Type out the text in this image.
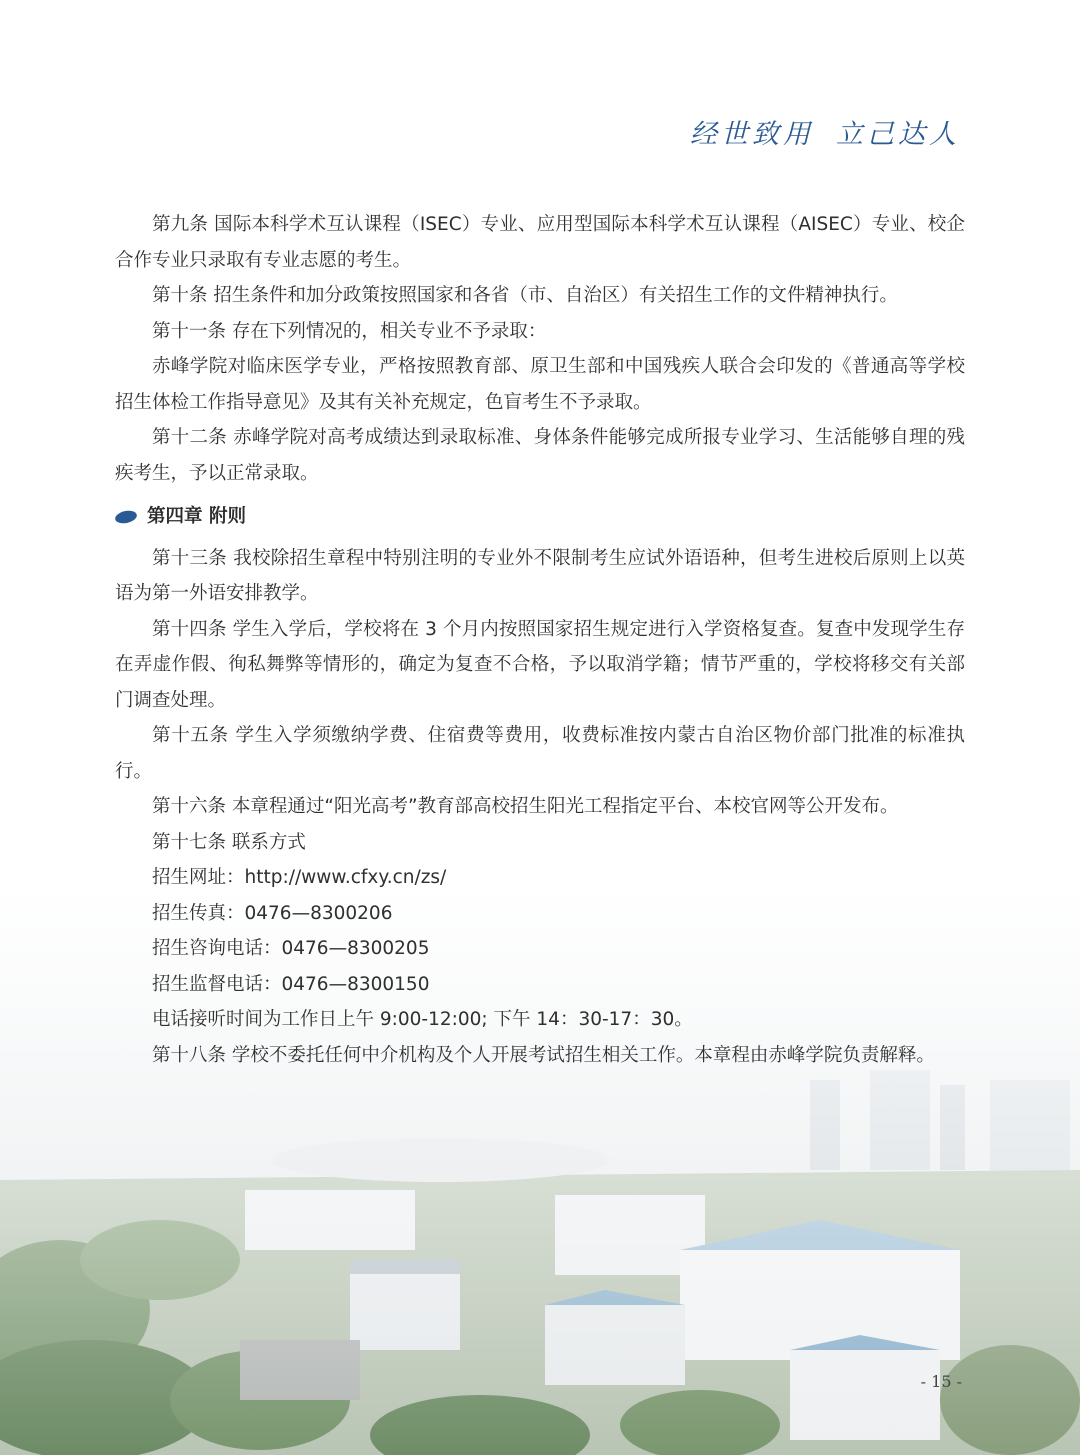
经世致用 立己达人

第九条 国际本科学术互认课程（ISEC）专业、应用型国际本科学术互认课程（AISEC）专业、校企合作专业只录取有专业志愿的考生。

第十条 招生条件和加分政策按照国家和各省（市、自治区）有关招生工作的文件精神执行。

第十一条 存在下列情况的，相关专业不予录取：

赤峰学院对临床医学专业，严格按照教育部、原卫生部和中国残疾人联合会印发的《普通高等学校招生体检工作指导意见》及其有关补充规定，色盲考生不予录取。

第十二条 赤峰学院对高考成绩达到录取标准、身体条件能够完成所报专业学习、生活能够自理的残疾考生，予以正常录取。

第四章 附则

第十三条 我校除招生章程中特别注明的专业外不限制考生应试外语语种，但考生进校后原则上以英语为第一外语安排教学。

第十四条 学生入学后，学校将在 3 个月内按照国家招生规定进行入学资格复查。复查中发现学生存在弄虚作假、徇私舞弊等情形的，确定为复查不合格，予以取消学籍；情节严重的，学校将移交有关部门调查处理。

第十五条 学生入学须缴纳学费、住宿费等费用，收费标准按内蒙古自治区物价部门批准的标准执行。

第十六条 本章程通过“阳光高考”教育部高校招生阳光工程指定平台、本校官网等公开发布。

第十七条 联系方式

招生网址：http://www.cfxy.cn/zs/

招生传真：0476—8300206

招生咨询电话：0476—8300205

招生监督电话：0476—8300150

电话接听时间为工作日上午 9:00-12:00; 下午 14：30-17：30。

第十八条 学校不委托任何中介机构及个人开展考试招生相关工作。本章程由赤峰学院负责解释。

- 15 -
